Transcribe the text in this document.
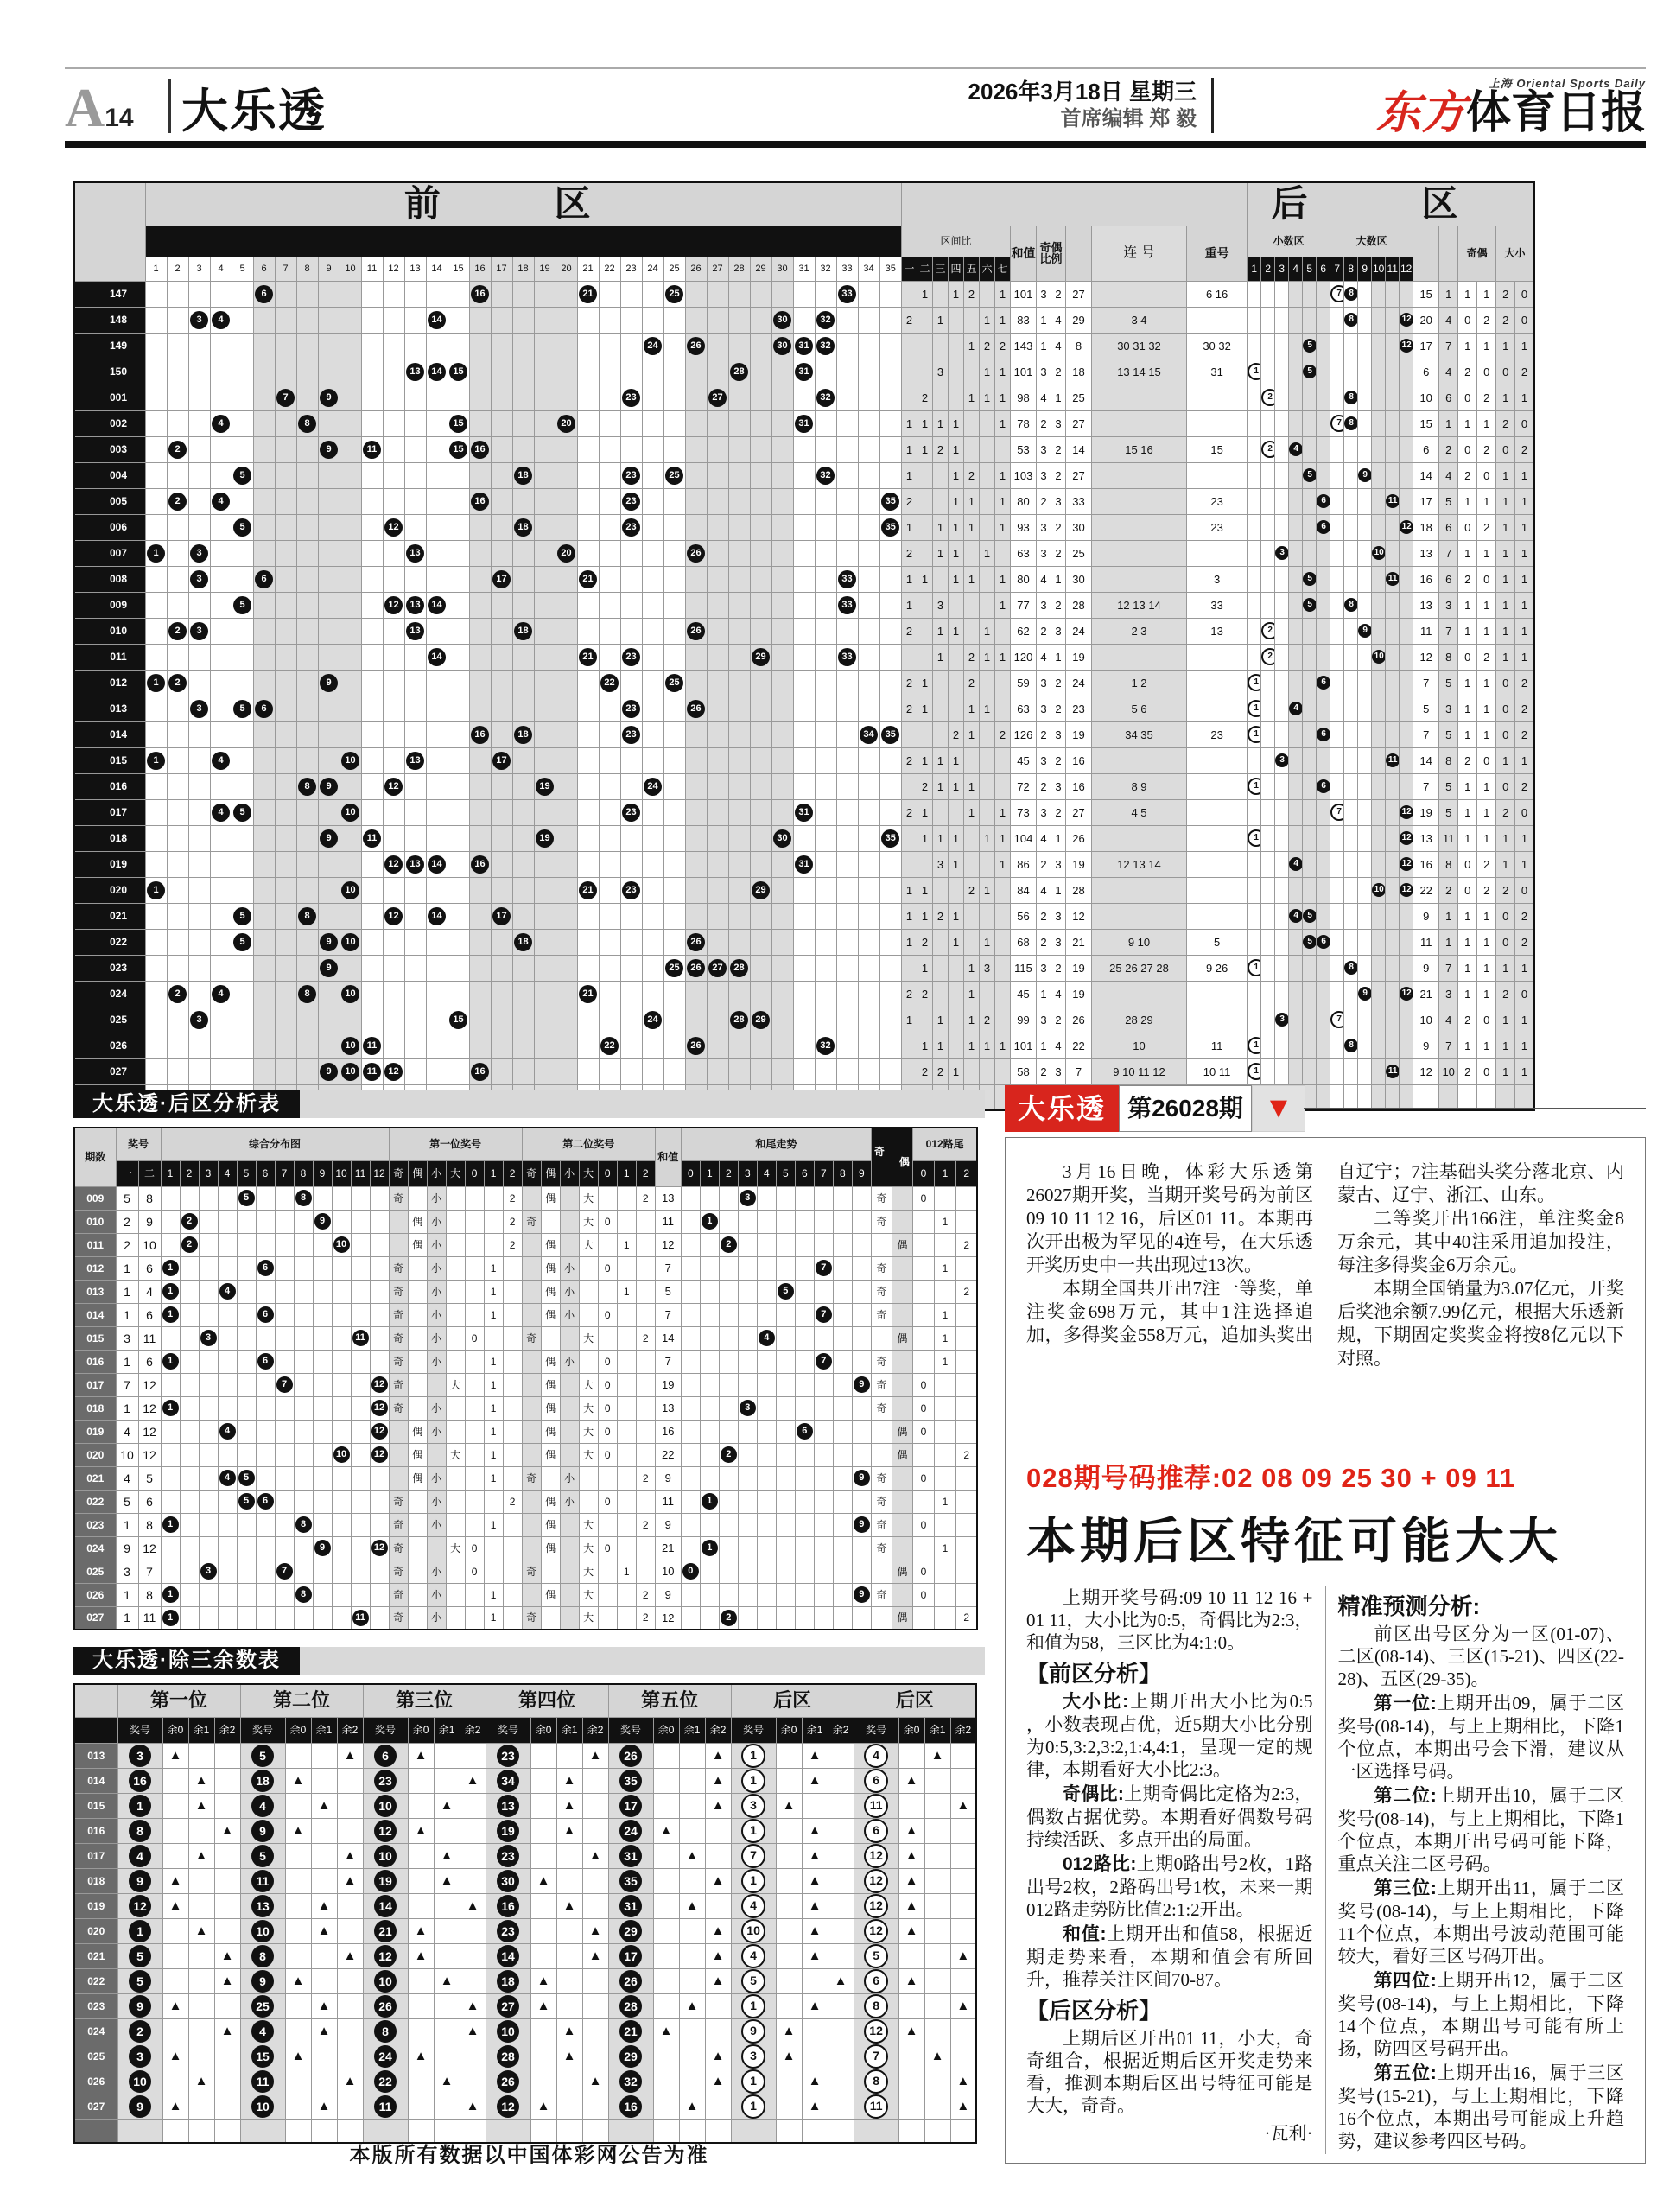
A14 大乐透	2026年3月18日 星期三
首席编辑 郑 毅
上海 Oriental Sports Daily
东方体育日报
	前 区		后 区
	区间比	和值	奇偶比例		连 号	重号	小数区	大数区			奇偶	大小
1	2	3	4	5	6	7	8	9	10	11	12	13	14	15	16	17	18	19	20	21	22	23	24	25	26	27	28	29	30	31	32	33	34	35	一	二	三	四	五	六	七	1	2	3	4	5	6	7	8	9	10	11	12
	147						6										16					21				25								33				1		1	2		1	101	3	2	27		6 16							7	8					15	1	1	1	2	0
	148			3	4										14																30		32				2		1			1	1	83	1	4	29	3 4									8				12	20	4	0	2	2	0
	149																								24		26				30	31	32								1	2	2	143	1	4	8	30 31 32	30 32					5							12	17	7	1	1	1	1
	150													13	14	15													28			31							3			1	1	101	3	2	18	13 14 15	31	1				5								6	4	2	0	0	2
	001							7		9														23				27					32					2			1	1	1	98	4	1	25				2						8					10	6	0	2	1	1
	002				4				8							15					20											31					1	1	1	1			1	78	2	3	27									7	8					15	1	1	1	2	0
	003		2							9		11				15	16																				1	1	2	1				53	3	2	14	15 16	15		2		4									6	2	0	2	0	2
	004					5													18					23		25							32				1			1	2		1	103	3	2	27							5				9				14	4	2	0	1	1
	005		2		4												16							23												35	2			1	1		1	80	2	3	33		23						6					11		17	5	1	1	1	1
	006					5							12						18					23												35	1		1	1	1		1	93	3	2	30		23						6						12	18	6	0	2	1	1
	007	1		3										13							20						26										2		1	1		1		63	3	2	25					3							10			13	7	1	1	1	1
	008			3			6											17				21												33			1	1		1	1		1	80	4	1	30		3					5						11		16	6	2	0	1	1
	009					5							12	13	14																			33			1		3				1	77	3	2	28	12 13 14	33					5			8					13	3	1	1	1	1
	010		2	3										13					18								26										2		1	1		1		62	2	3	24	2 3	13		2							9				11	7	1	1	1	1
	011														14							21		23						29				33					1		2	1	1	120	4	1	19				2								10			12	8	0	2	1	1
	012	1	2							9													22			25											2	1			2			59	3	2	24	1 2		1					6							7	5	1	1	0	2
	013			3		5	6																	23			26										2	1			1	1		63	3	2	23	5 6		1			4									5	3	1	1	0	2
	014																16		18					23											34	35				2	1		2	126	2	3	19	34 35	23	1					6							7	5	1	1	0	2
	015	1			4						10			13				17																			2	1	1	1				45	3	2	16					3								11		14	8	2	0	1	1
	016								8	9			12							19					24													2	1	1	1			72	2	3	16	8 9		1					6							7	5	1	1	0	2
	017				4	5					10													23								31					2	1			1		1	73	3	2	27	4 5								7					12	19	5	1	1	2	0
	018									9		11								19											30					35		1	1	1		1	1	104	4	1	26			1											12	13	11	1	1	1	1
	019												12	13	14		16															31							3	1			1	86	2	3	19	12 13 14					4								12	16	8	0	2	1	1
	020	1									10											21		23						29							1	1			2	1		84	4	1	28												10		12	22	2	0	2	2	0
	021					5			8				12		14			17																			1	1	2	1				56	2	3	12						4	5								9	1	1	1	0	2
	022					5				9	10								18								26										1	2		1		1		68	2	3	21	9 10	5					5	6							11	1	1	1	0	2
	023									9																25	26	27	28									1			1	3		115	3	2	19	25 26 27 28	9 26	1							8					9	7	1	1	1	1
	024		2		4				8		10											21															2	2			1			45	1	4	19											9			12	21	3	1	1	2	0
	025			3												15									24				28	29							1		1		1	2		99	3	2	26	28 29				3				7						10	4	2	0	1	1
	026										10	11											22				26						32					1	1		1	1	1	101	1	4	22	10	11	1							8					9	7	1	1	1	1
	027									9	10	11	12				16																					2	2	1				58	2	3	7	9 10 11 12	10 11	1										11		12	10	2	0	1	1

大乐透·后区分析表
期数	奖号		综合分布图												第一位奖号							第二位奖号							和值	和尾走势										奇
偶		012路尾		
	一	二	1	2	3	4	5	6	7	8	9	10	11	12	奇	偶	小	大	0	1	2	奇	偶	小	大	0	1	2		0	1	2	3	4	5	6	7	8	9			0	1	2
009	5	8					5			8					奇		小				2		偶		大			2	13				3							奇		0		
010	2	9		2							9					偶	小				2	奇			大	0			11		1									奇			1	
011	2	10		2								10				偶	小				2		偶		大		1		12			2									偶			2
012	1	6	1					6							奇		小			1			偶	小		0			7								7			奇			1	
013	1	4	1			4									奇		小			1			偶	小			1		5						5					奇				2
014	1	6	1					6							奇		小			1			偶	小		0			7								7			奇			1	
015	3	11			3								11		奇		小		0			奇			大			2	14					4							偶		1	
016	1	6	1					6							奇		小			1			偶	小		0			7								7			奇			1	
017	7	12							7					12	奇			大		1			偶		大	0			19										9	奇		0		
018	1	12	1											12	奇		小			1			偶		大	0			13				3							奇		0		
019	4	12				4								12		偶	小			1			偶		大	0			16							6					偶	0		
020	10	12										10		12		偶		大		1			偶		大	0			22			2									偶			2
021	4	5				4	5									偶	小			1		奇		小				2	9										9	奇		0		
022	5	6					5	6							奇		小				2		偶	小		0			11		1									奇			1	
023	1	8	1							8					奇		小			1			偶		大			2	9										9	奇		0		
024	9	12									9			12	奇			大	0				偶		大	0			21		1									奇			1	
025	3	7			3				7						奇		小		0			奇			大		1		10	0											偶	0		
026	1	8	1							8					奇		小			1			偶		大			2	9										9	奇		0		
027	1	11	1										11		奇		小			1		奇			大			2	12			2									偶			2
大乐透·除三余数表
	第一位				第二位				第三位				第四位				第五位				后区				后区			
	奖号	余0	余1	余2	奖号	余0	余1	余2	奖号	余0	余1	余2	奖号	余0	余1	余2	奖号	余0	余1	余2	奖号	余0	余1	余2	奖号	余0	余1	余2
013	3	▲			5			▲	6	▲			23			▲	26			▲	1		▲		4		▲	
014	16		▲		18	▲			23			▲	34		▲		35			▲	1		▲		6	▲		
015	1		▲		4		▲		10		▲		13		▲		17			▲	3	▲			11			▲
016	8			▲	9	▲			12	▲			19		▲		24	▲			1		▲		6	▲		
017	4		▲		5			▲	10		▲		23			▲	31		▲		7		▲		12	▲		
018	9	▲			11			▲	19		▲		30	▲			35			▲	1		▲		12	▲		
019	12	▲			13		▲		14			▲	16		▲		31		▲		4		▲		12	▲		
020	1		▲		10		▲		21	▲			23			▲	29			▲	10		▲		12	▲		
021	5			▲	8			▲	12	▲			14			▲	17			▲	4		▲		5			▲
022	5			▲	9	▲			10		▲		18	▲			26			▲	5			▲	6	▲		
023	9	▲			25		▲		26			▲	27	▲			28		▲		1		▲		8			▲
024	2			▲	4		▲		8			▲	10		▲		21	▲			9	▲			12	▲		
025	3	▲			15	▲			24	▲			28		▲		29			▲	3	▲			7		▲	
026	10		▲		11			▲	22		▲		26			▲	32			▲	1		▲		8			▲
027	9	▲			10		▲		11			▲	12	▲			16		▲		1		▲		11			▲

本版所有数据以中国体彩网公告为准
大乐透 第26028期 ▼

3月16日晚，体彩大乐透第26027期开奖，当期开奖号码为前区09 10 11 12 16，后区01 11。本期再次开出极为罕见的4连号，在大乐透开奖历史中一共出现过13次。

本期全国共开出7注一等奖，单注奖金698万元，其中1注选择追加，多得奖金558万元，追加头奖出自辽宁；7注基础头奖分落北京、内蒙古、辽宁、浙江、山东。

二等奖开出166注，单注奖金8万余元，其中40注采用追加投注，每注多得奖金6万余元。

本期全国销量为3.07亿元，开奖后奖池余额7.99亿元，根据大乐透新规，下期固定奖奖金将按8亿元以下对照。

028期号码推荐:02 08 09 25 30 + 09 11
本期后区特征可能大大

上期开奖号码:09 10 11 12 16 + 01 11，大小比为0:5，奇偶比为2:3，和值为58，三区比为4:1:0。

【前区分析】

大小比:上期开出大小比为0:5 ，小数表现占优，近5期大小比分别为0:5,3:2,3:2,1:4,4:1，呈现一定的规律，本期看好大小比2:3。

奇偶比:上期奇偶比定格为2:3，偶数占据优势。本期看好偶数号码持续活跃、多点开出的局面。

012路比:上期0路出号2枚，1路出号2枚，2路码出号1枚，未来一期012路走势防比值2:1:2开出。

和值:上期开出和值58，根据近期走势来看，本期和值会有所回升，推荐关注区间70-87。

【后区分析】

上期后区开出01 11，小大，奇奇组合，根据近期后区开奖走势来看，推测本期后区出号特征可能是大大，奇奇。

·瓦利·
精准预测分析:

前区出号区分为一区(01-07)、二区(08-14)、三区(15-21)、四区(22-28)、五区(29-35)。

第一位:上期开出09，属于二区奖号(08-14)，与上上期相比，下降1个位点，本期出号会下滑，建议从一区选择号码。

第二位:上期开出10，属于二区奖号(08-14)，与上上期相比，下降1个位点，本期开出号码可能下降，重点关注二区号码。

第三位:上期开出11，属于二区奖号(08-14)，与上上期相比，下降11个位点，本期出号波动范围可能较大，看好三区号码开出。

第四位:上期开出12，属于二区奖号(08-14)，与上上期相比，下降14个位点，本期出号可能有所上扬，防四区号码开出。

第五位:上期开出16，属于三区奖号(15-21)，与上上期相比，下降16个位点，本期出号可能成上升趋势，建议参考四区号码。
